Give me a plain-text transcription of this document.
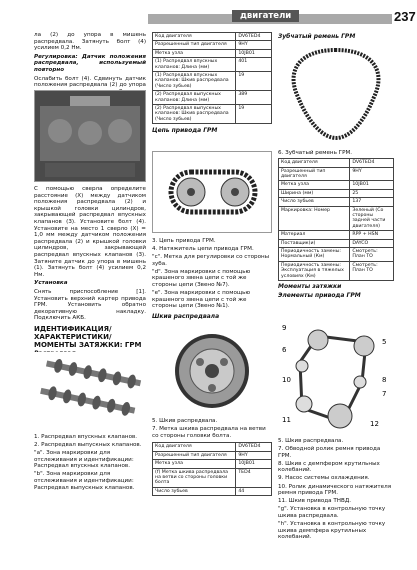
двигатели	237
ла (2) до упора в мишень распредвала. Затянуть болт (4) усилием 0,2 Нм.
Регулировка: Датчик положения распредвала, используемый повторно
Ослабить болт (4). Сдвинуть датчик положения распредвала (2) до упора
С помощью сверла определите расстояние (X) между датчиком положения распредвала (2) и крышкой головки цилиндров, закрывающей распредвал впускных клапанов (3). Установите болт (4). Установите на место 1 сверло (X) = 1,0 мм между датчиком положения распредвала (2) и крышкой головки цилиндров, закрывающей распредвал впускных клапанов (3). Затяните датчик до упора в мишень (1). Затянуть болт (4) усилием 0,2 Нм.
Установка
Снять приспособление [1]. Установить верхний картер привода ГРМ. Установить обратно декоративную накладку. Подключить АКБ.
ИДЕНТИФИКАЦИЯ/ХАРАКТЕРИСТИКИ/МОМЕНТЫ ЗАТЯЖКИ: ГРМ
1. Распредвал впускных клапанов.
2. Распредвал выпускных клапанов.
"a". Зона маркировки для отслеживания и идентификации: Распредвал впускных клапанов.
"b". Зона маркировки для отслеживания и идентификации: Распредвал выпускных клапанов.
Код двигателя	DV6TED4
Разрешенный тип двигателя	9HY
Метка узла	10JB01
(1) Распредвал впускных клапанов: Длина (мм)	401
(1) Распредвал впускных клапанов: Шкив распредвала (Число зубьев)	19
(2) Распредвал выпускных клапанов: Длина (мм)	389
(2) Распредвал выпускных клапанов: Шкив распредвала (Число зубьев)	19
Цепь привода ГРМ
3. Цепь привода ГРМ.
4. Натяжитель цепи привода ГРМ.
"c". Метка для регулировки со стороны зуба.
"d". Зона маркировки с помощью крашеного звена цепи с той же стороны цепи (Звено №7).
"e". Зона маркировки с помощью крашеного звена цепи с той же стороны цепи (Звено №1).
Шкив распредвала
5. Шкив распредвала.
7. Метка шкива распредвала на ветви со стороны головки болта.
Код двигателя	DV6TED4
Разрешенный тип двигателя	9HY
Метка узла	10JB01
(f) Метка шкива распредвала на ветви со стороны головки болта	TED4
Число зубьев	44
Зубчатый ремень ГРМ
6. Зубчатый ремень ГРМ.
Код двигателя	DV6TED4
Разрешенный тип двигателя	9HY
Метка узла	10JB01
Ширина (мм)	25
Число зубьев	137
Маркировка: Номер	Зеленый (Со стороны задней части двигателя)
Материал	RPP + HSN
Поставщик(и)	DAYCO
Периодичность замены: Нормальный (Км)	Смотреть: План ТО
Периодичность замены: Эксплуатация в тяжелых условиях (Км)	Смотреть: План ТО
Моменты затяжки
Элементы привода ГРМ
9
5
8
7
6
10
11	12
5. Шкив распредвала.
7. Обводной ролик ремня привода ГРМ.
8. Шкив с демпфером крутильных колебаний.
9. Насос системы охлаждения.
10. Ролик динамического натяжителя ремня привода ГРМ.
11. Шкив привода ТНВД.
"g". Установка в контрольную точку шкива распредвала.
"h". Установка в контрольную точку шкива демпфера крутильных колебаний.
